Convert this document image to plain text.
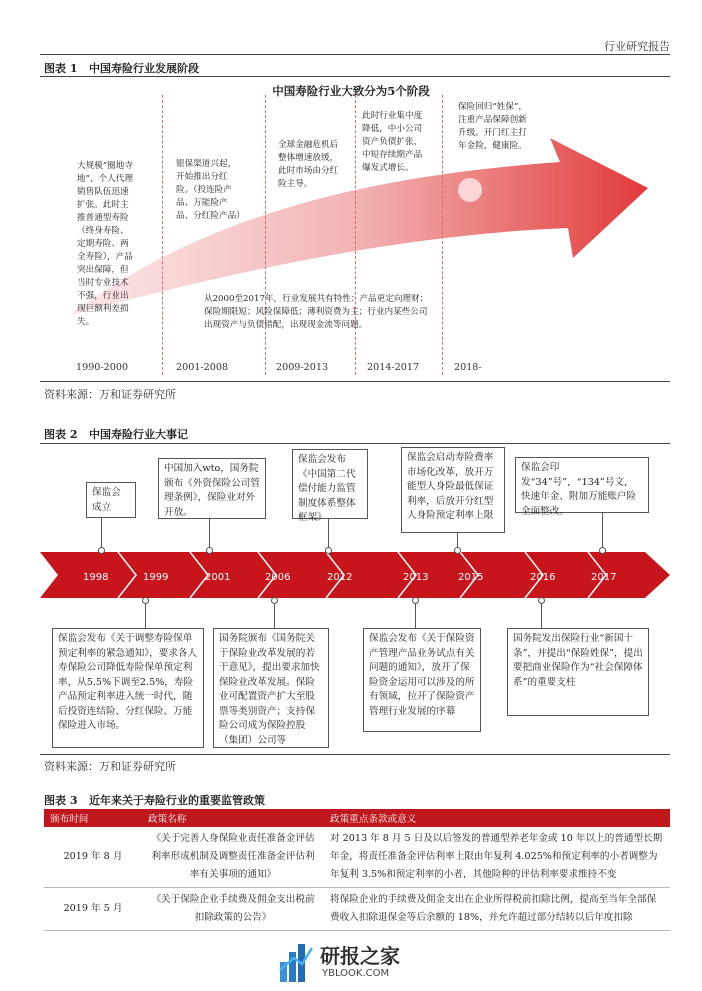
行业研究报告
图表 1 中国寿险行业发展阶段
中国寿险行业大致分为5个阶段
大规模“圈地寺地”，个人代理销售队伍迅速扩张。此时主推普通型寿险（终身寿险、定期寿险、两全寿险），产品突出保障，但当时专业技术不强，行业出现巨额利差损失。
银保渠道兴起，开始推出分红险。（投连险产品、万能险产品、分红险产品）
全球金融危机后整体增速放缓，此时市场由分红险主导。
此时行业集中度降低，中小公司资产负债扩张，中短存续期产品爆发式增长。
保险回归“姓保”，注重产品保障创新升级。开门红主打年金险，健康险。
从2000至2017年，行业发展共有特性：产品更定向理财；保险期限短；风险保障低；薄利资费为主；行业内某些公司出现资产与负债错配，出现现金流等问题。
1990-2000	2001-2008	2009-2013	2014-2017	2018-
资料来源：万和证券研究所
图表 2 中国寿险行业大事记
1998	1999	2001	2006	2012	2013	2015	2016	2017
保监会成立
中国加入wto，国务院颁布《外资保险公司管理条例》，保险业对外开放。
保监会发布《中国第二代偿付能力监管制度体系整体框架》
保监会启动寿险费率市场化改革，放开万能型人身险最低保证利率，后放开分红型人身险预定利率上限
保监会印发“34”号”，“134”号文，快速年金、附加万能账户险全面整改。
保监会发布《关于调整寿险保单预定利率的紧急通知》，要求各人寿保险公司降低寿险保单预定利率，从5.5%下调至2.5%，寿险产品预定利率进入统一时代，随后投资连结险、分红保险、万能保险进入市场。
国务院颁布《国务院关于保险业改革发展的若干意见》，提出要求加快保险业改革发展。保险业可配置资产扩大至股票等类别资产；支持保险公司成为保险控股（集团）公司等
保监会发布《关于保险资产管理产品业务试点有关问题的通知》，放开了保险资金运用可以涉及的所有领域，拉开了保险资产管理行业发展的序幕
国务院发出保险行业“新国十条”，并提出“保险姓保”，提出要把商业保险作为“社会保障体系”的重要支柱
资料来源：万和证券研究所
图表 3 近年来关于寿险行业的重要监管政策
颁布时间	政策名称	政策重点条款或意义
2019 年 8 月	《关于完善人身保险业责任准备金评估利率形成机制及调整责任准备金评估利率有关事项的通知》	对 2013 年 8 月 5 日及以后签发的普通型养老年金或 10 年以上的普通型长期年金，将责任准备金评估利率上限由年复利 4.025%和预定利率的小者调整为年复利 3.5%和预定利率的小者，其他险种的评估利率要求维持不变
2019 年 5 月	《关于保险企业手续费及佣金支出税前扣除政策的公告》	将保险企业的手续费及佣金支出在企业所得税前扣除比例，提高至当年全部保费收入扣除退保金等后余额的 18%，并允许超过部分结转以后年度扣除
研报之家
YBLOOK.COM
